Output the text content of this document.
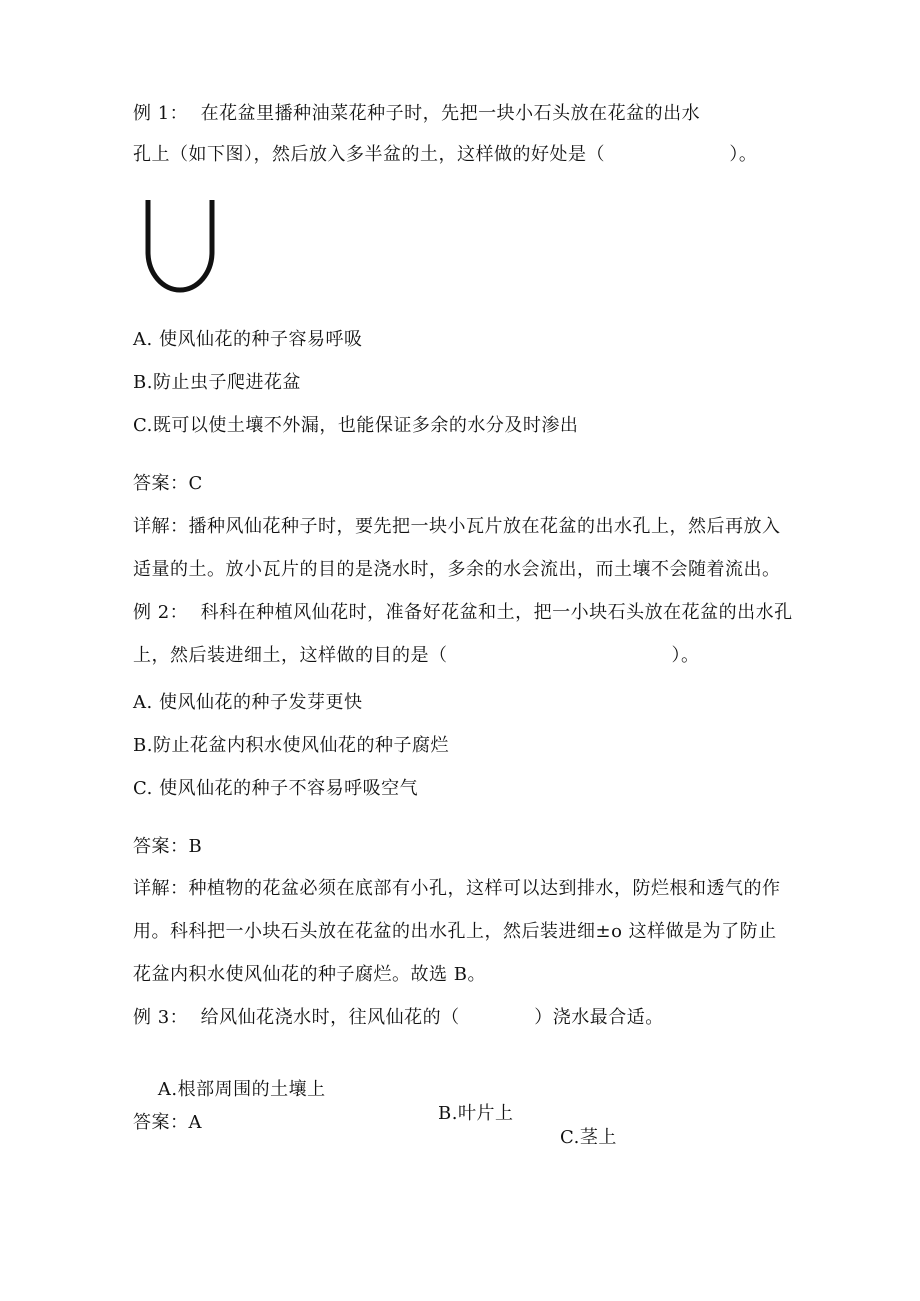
例 1：  在花盆里播种油菜花种子时，先把一块小石头放在花盆的出水
孔上（如下图），然后放入多半盆的土，这样做的好处是（                    ）。
A. 使风仙花的种子容易呼吸
B.防止虫子爬进花盆
C.既可以使土壤不外漏，也能保证多余的水分及时渗出
答案：C
详解：播种风仙花种子时，要先把一块小瓦片放在花盆的出水孔上，然后再放入
适量的土。放小瓦片的目的是浇水时，多余的水会流出，而土壤不会随着流出。
例 2：  科科在种植风仙花时，准备好花盆和土，把一小块石头放在花盆的出水孔
上，然后装进细土，这样做的目的是（                                    ）。
A. 使风仙花的种子发芽更快
B.防止花盆内积水使风仙花的种子腐烂
C. 使风仙花的种子不容易呼吸空气
答案：B
详解：种植物的花盆必须在底部有小孔，这样可以达到排水，防烂根和透气的作
用。科科把一小块石头放在花盆的出水孔上，然后装进细±o 这样做是为了防止
花盆内积水使风仙花的种子腐烂。故选 B。
例 3：  给风仙花浇水时，往风仙花的（            ）浇水最合适。

A.根部周围的土壤上

B.叶片上

C.茎上

答案：A
